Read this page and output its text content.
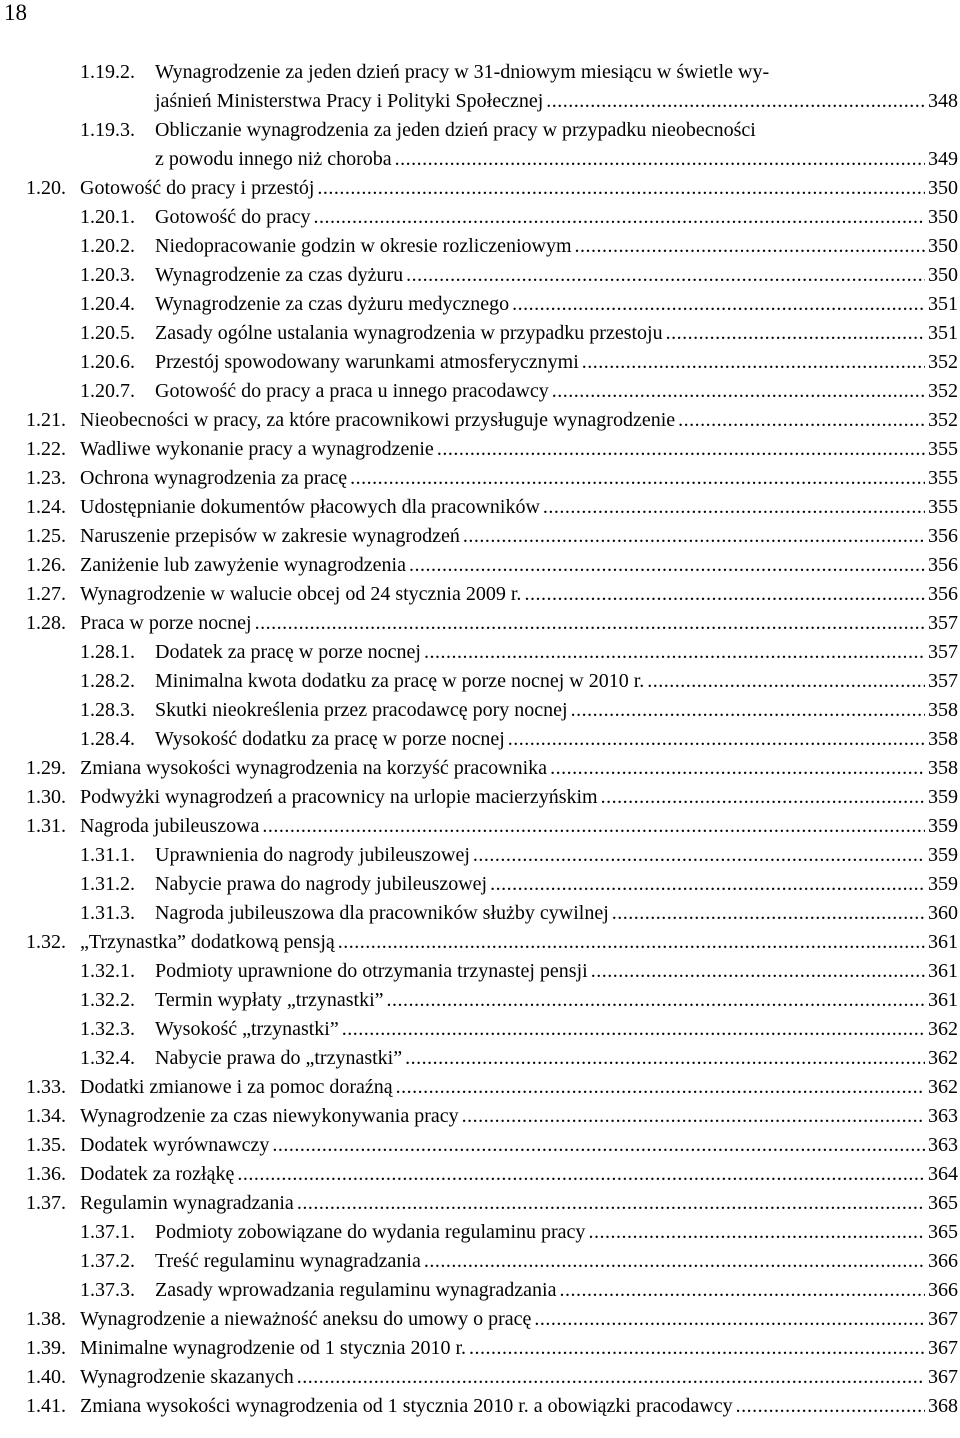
18
1.19.2. Wynagrodzenie za jeden dzień pracy w 31-dniowym miesiącu w świetle wy-
jaśnień Ministerstwa Pracy i Polityki Społecznej .....	348
1.19.3. Obliczanie wynagrodzenia za jeden dzień pracy w przypadku nieobecności
z powodu innego niż choroba .....	349
1.20. Gotowość do pracy i przestój .....	350
1.20.1. Gotowość do pracy .....	350
1.20.2. Niedopracowanie godzin w okresie rozliczeniowym .....	350
1.20.3. Wynagrodzenie za czas dyżuru .....	350
1.20.4. Wynagrodzenie za czas dyżuru medycznego .....	351
1.20.5. Zasady ogólne ustalania wynagrodzenia w przypadku przestoju .....	351
1.20.6. Przestój spowodowany warunkami atmosferycznymi .....	352
1.20.7. Gotowość do pracy a praca u innego pracodawcy .....	352
1.21. Nieobecności w pracy, za które pracownikowi przysługuje wynagrodzenie .....	352
1.22. Wadliwe wykonanie pracy a wynagrodzenie .....	355
1.23. Ochrona wynagrodzenia za pracę .....	355
1.24. Udostępnianie dokumentów płacowych dla pracowników .....	355
1.25. Naruszenie przepisów w zakresie wynagrodzeń .....	356
1.26. Zaniżenie lub zawyżenie wynagrodzenia .....	356
1.27. Wynagrodzenie w walucie obcej od 24 stycznia 2009 r. .....	356
1.28. Praca w porze nocnej .....	357
1.28.1. Dodatek za pracę w porze nocnej .....	357
1.28.2. Minimalna kwota dodatku za pracę w porze nocnej w 2010 r. .....	357
1.28.3. Skutki nieokreślenia przez pracodawcę pory nocnej .....	358
1.28.4. Wysokość dodatku za pracę w porze nocnej .....	358
1.29. Zmiana wysokości wynagrodzenia na korzyść pracownika .....	358
1.30. Podwyżki wynagrodzeń a pracownicy na urlopie macierzyńskim .....	359
1.31. Nagroda jubileuszowa .....	359
1.31.1. Uprawnienia do nagrody jubileuszowej .....	359
1.31.2. Nabycie prawa do nagrody jubileuszowej .....	359
1.31.3. Nagroda jubileuszowa dla pracowników służby cywilnej .....	360
1.32. „Trzynastka” dodatkową pensją .....	361
1.32.1. Podmioty uprawnione do otrzymania trzynastej pensji .....	361
1.32.2. Termin wypłaty „trzynastki” .....	361
1.32.3. Wysokość „trzynastki” .....	362
1.32.4. Nabycie prawa do „trzynastki” .....	362
1.33. Dodatki zmianowe i za pomoc doraźną .....	362
1.34. Wynagrodzenie za czas niewykonywania pracy .....	363
1.35. Dodatek wyrównawczy .....	363
1.36. Dodatek za rozłąkę .....	364
1.37. Regulamin wynagradzania .....	365
1.37.1. Podmioty zobowiązane do wydania regulaminu pracy .....	365
1.37.2. Treść regulaminu wynagradzania .....	366
1.37.3. Zasady wprowadzania regulaminu wynagradzania .....	366
1.38. Wynagrodzenie a nieważność aneksu do umowy o pracę .....	367
1.39. Minimalne wynagrodzenie od 1 stycznia 2010 r. .....	367
1.40. Wynagrodzenie skazanych .....	367
1.41. Zmiana wysokości wynagrodzenia od 1 stycznia 2010 r. a obowiązki pracodawcy .....	368
